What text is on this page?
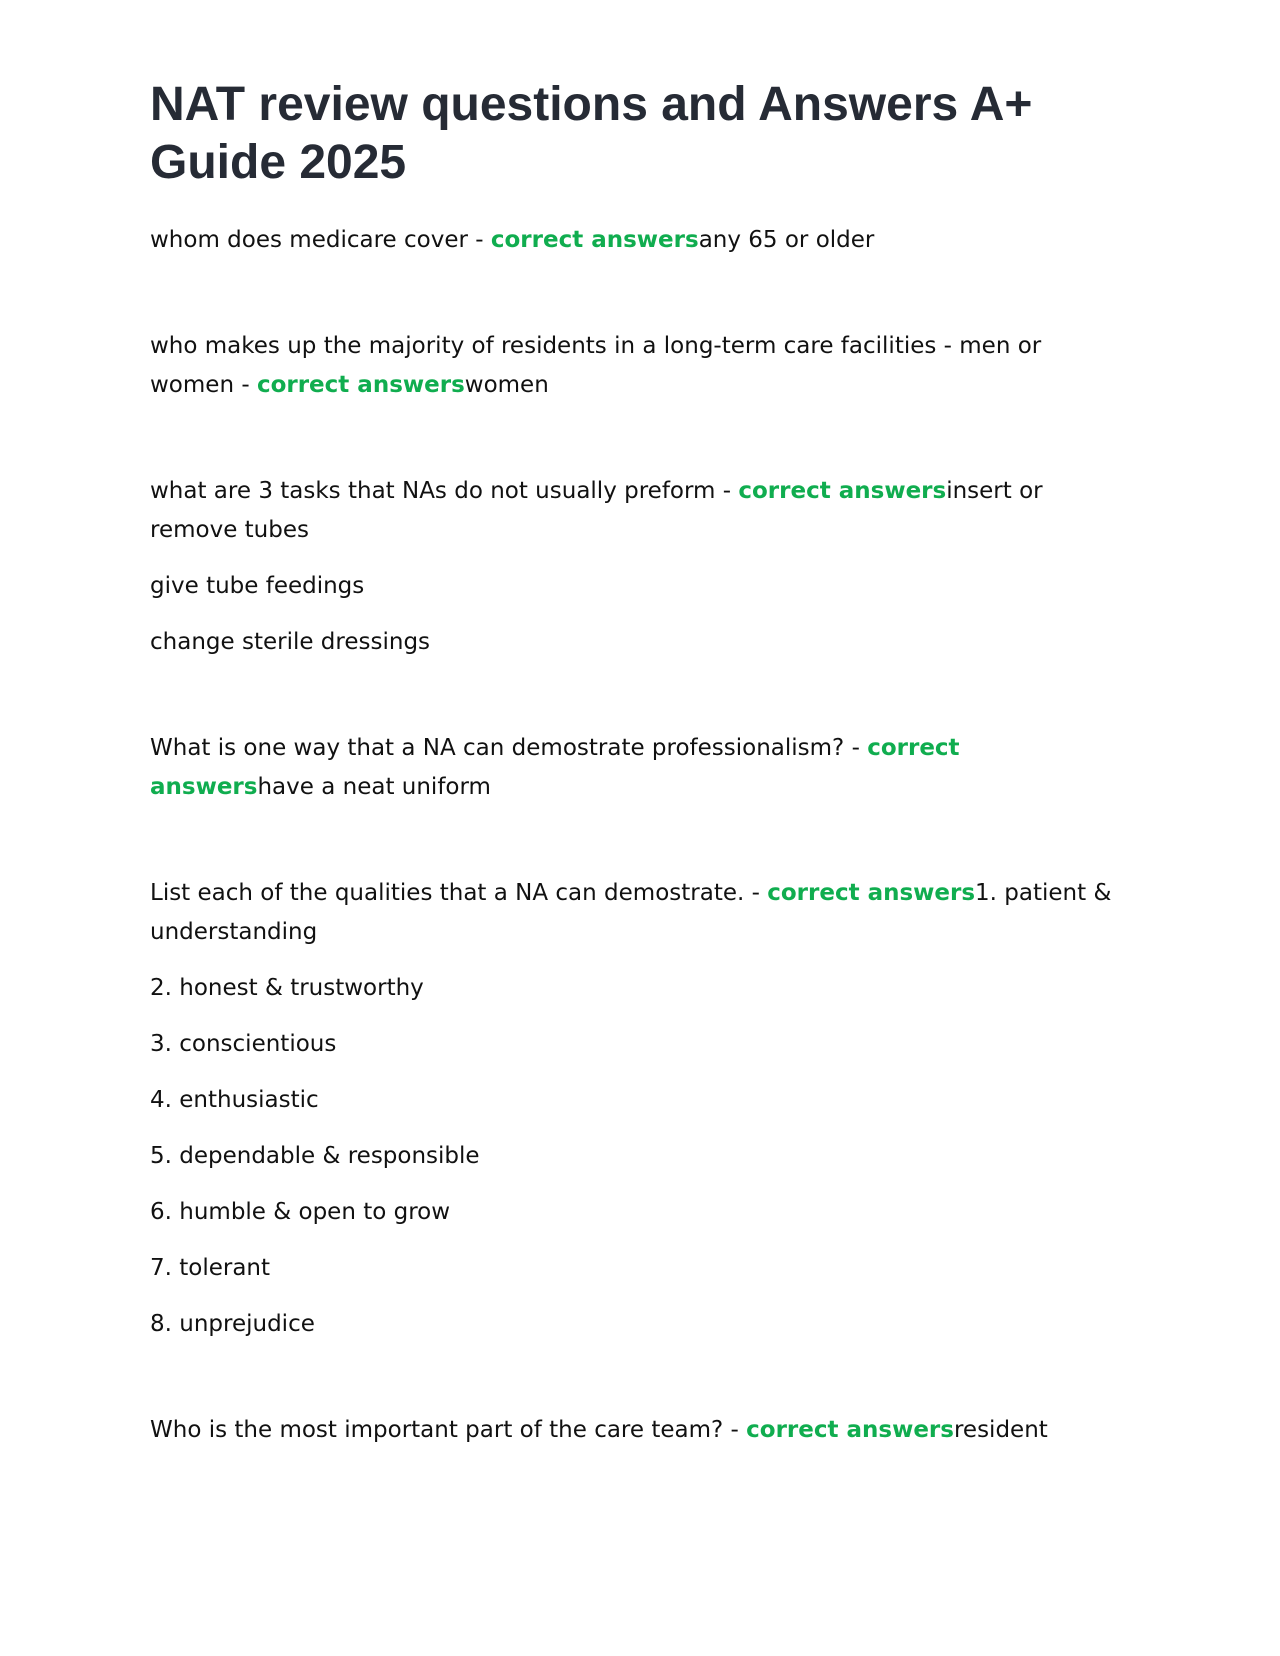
NAT review questions and Answers A+ Guide 2025

whom does medicare cover - correct answersany 65 or older

who makes up the majority of residents in a long-term care facilities - men or women - correct answerswomen

what are 3 tasks that NAs do not usually preform - correct answersinsert or remove tubes

give tube feedings

change sterile dressings

What is one way that a NA can demostrate professionalism? - correct answershave a neat uniform

List each of the qualities that a NA can demostrate. - correct answers1. patient & understanding

2. honest & trustworthy

3. conscientious

4. enthusiastic

5. dependable & responsible

6. humble & open to grow

7. tolerant

8. unprejudice

Who is the most important part of the care team? - correct answersresident
